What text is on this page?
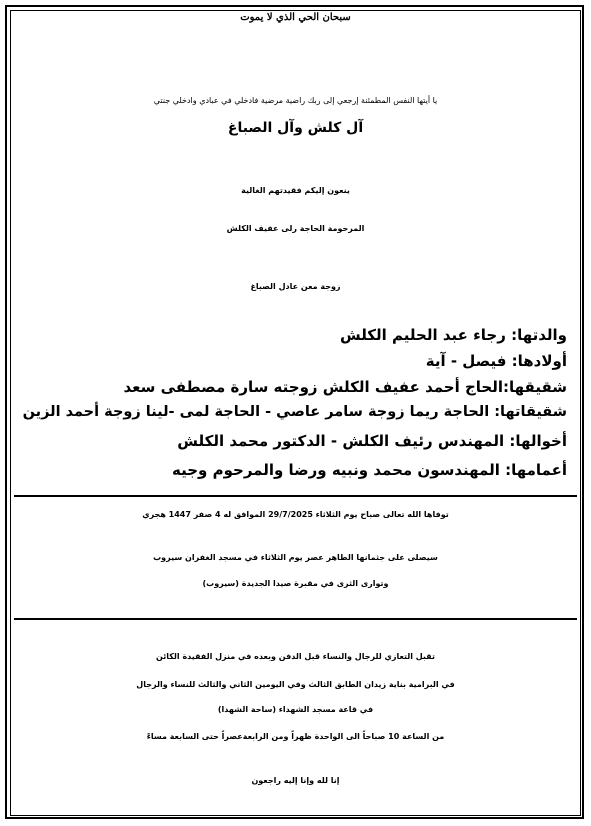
سبحان الحي الذي لا يموت
يا أيتها النفس المطمئنة إرجعي إلى ربك راضية مرضية فادخلي في عبادي وادخلي جنتي
آل كلش وآل الصباغ
ينعون إليكم فقيدتهم الغالية
المرحومة الحاجة رلى عفيف الكلش
زوجة معن عادل الصباغ
والدتها: رجاء عبد الحليم الكلش
أولادها: فيصل - آية
شقيقها:الحاج أحمد عفيف الكلش زوجته سارة مصطفى سعد
شقيقاتها: الحاجة ريما زوجة سامر عاصي - الحاجة لمى -لينا زوجة أحمد الزين
أخوالها: المهندس رئيف الكلش - الدكتور محمد الكلش
أعمامها: المهندسون محمد ونبيه ورضا والمرحوم وجيه
توفاها الله تعالى صباح يوم الثلاثاء 29/7/2025 الموافق له 4 صفر 1447 هجري
سيصلى على جثمانها الطاهر عصر يوم الثلاثاء في مسجد الغفران سيروب
وتوارى الثرى في مقبرة صيدا الجديدة (سيروب)
تقبل التعازي للرجال والنساء قبل الدفن وبعده في منزل الفقيدة الكائن
في البرامية بناية زيدان الطابق الثالث وفي اليومين الثاني والثالث للنساء والرجال
في قاعة مسجد الشهداء (ساحة الشهدا)
من الساعة 10 صباحاً الى الواحدة ظهراً ومن الرابعةعصراً حتى السابعة مساءً
إنا لله وإنا إليه راجعون
